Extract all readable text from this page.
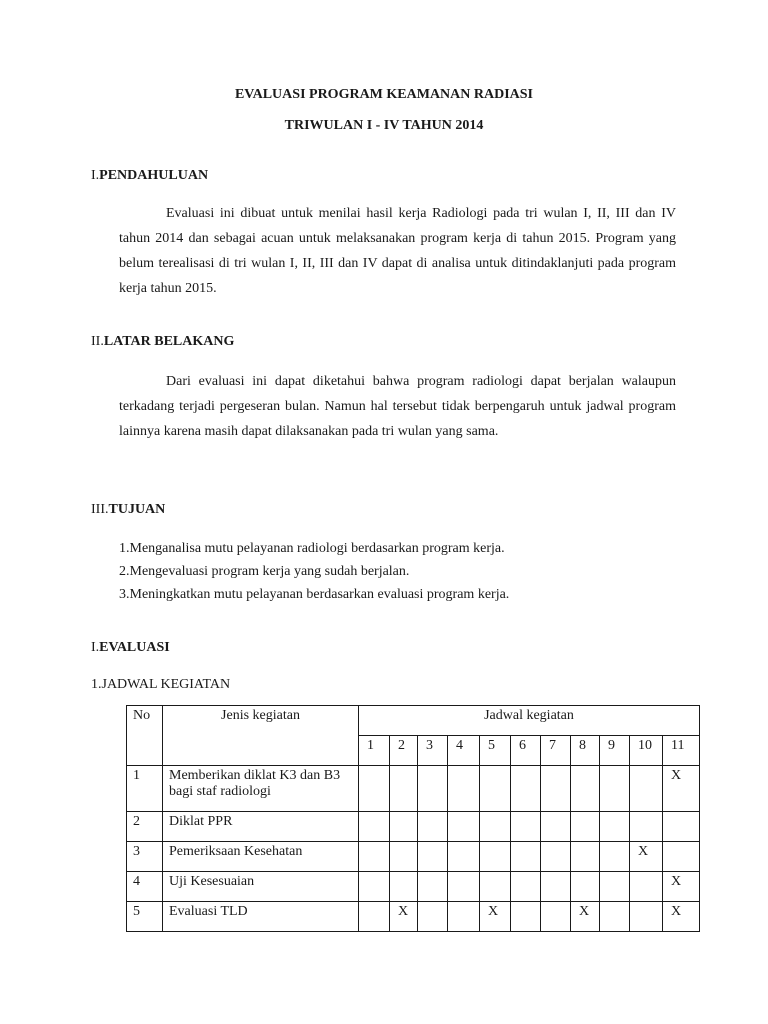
EVALUASI PROGRAM KEAMANAN RADIASI
TRIWULAN I - IV TAHUN 2014
I.PENDAHULUAN

Evaluasi ini dibuat untuk menilai hasil kerja Radiologi pada tri wulan I, II, III dan IV tahun 2014 dan sebagai acuan untuk melaksanakan program kerja di tahun 2015. Program yang belum terealisasi di tri wulan I, II, III dan IV dapat di analisa untuk ditindaklanjuti pada program kerja tahun 2015.

II.LATAR BELAKANG

Dari evaluasi ini dapat diketahui bahwa program radiologi dapat berjalan walaupun terkadang terjadi pergeseran bulan. Namun hal tersebut tidak berpengaruh untuk jadwal program lainnya karena masih dapat dilaksanakan pada tri wulan yang sama.

III.TUJUAN
1.Menganalisa mutu pelayanan radiologi berdasarkan program kerja.
2.Mengevaluasi program kerja yang sudah berjalan.
3.Meningkatkan mutu pelayanan berdasarkan evaluasi program kerja.
I.EVALUASI
1.JADWAL KEGIATAN
No	Jenis kegiatan	Jadwal kegiatan										
		1	2	3	4	5	6	7	8	9	10	11
1	Memberikan diklat K3 dan B3 bagi staf radiologi											X
2	Diklat PPR											
3	Pemeriksaan Kesehatan										X	
4	Uji Kesesuaian											X
5	Evaluasi TLD		X			X			X			X
